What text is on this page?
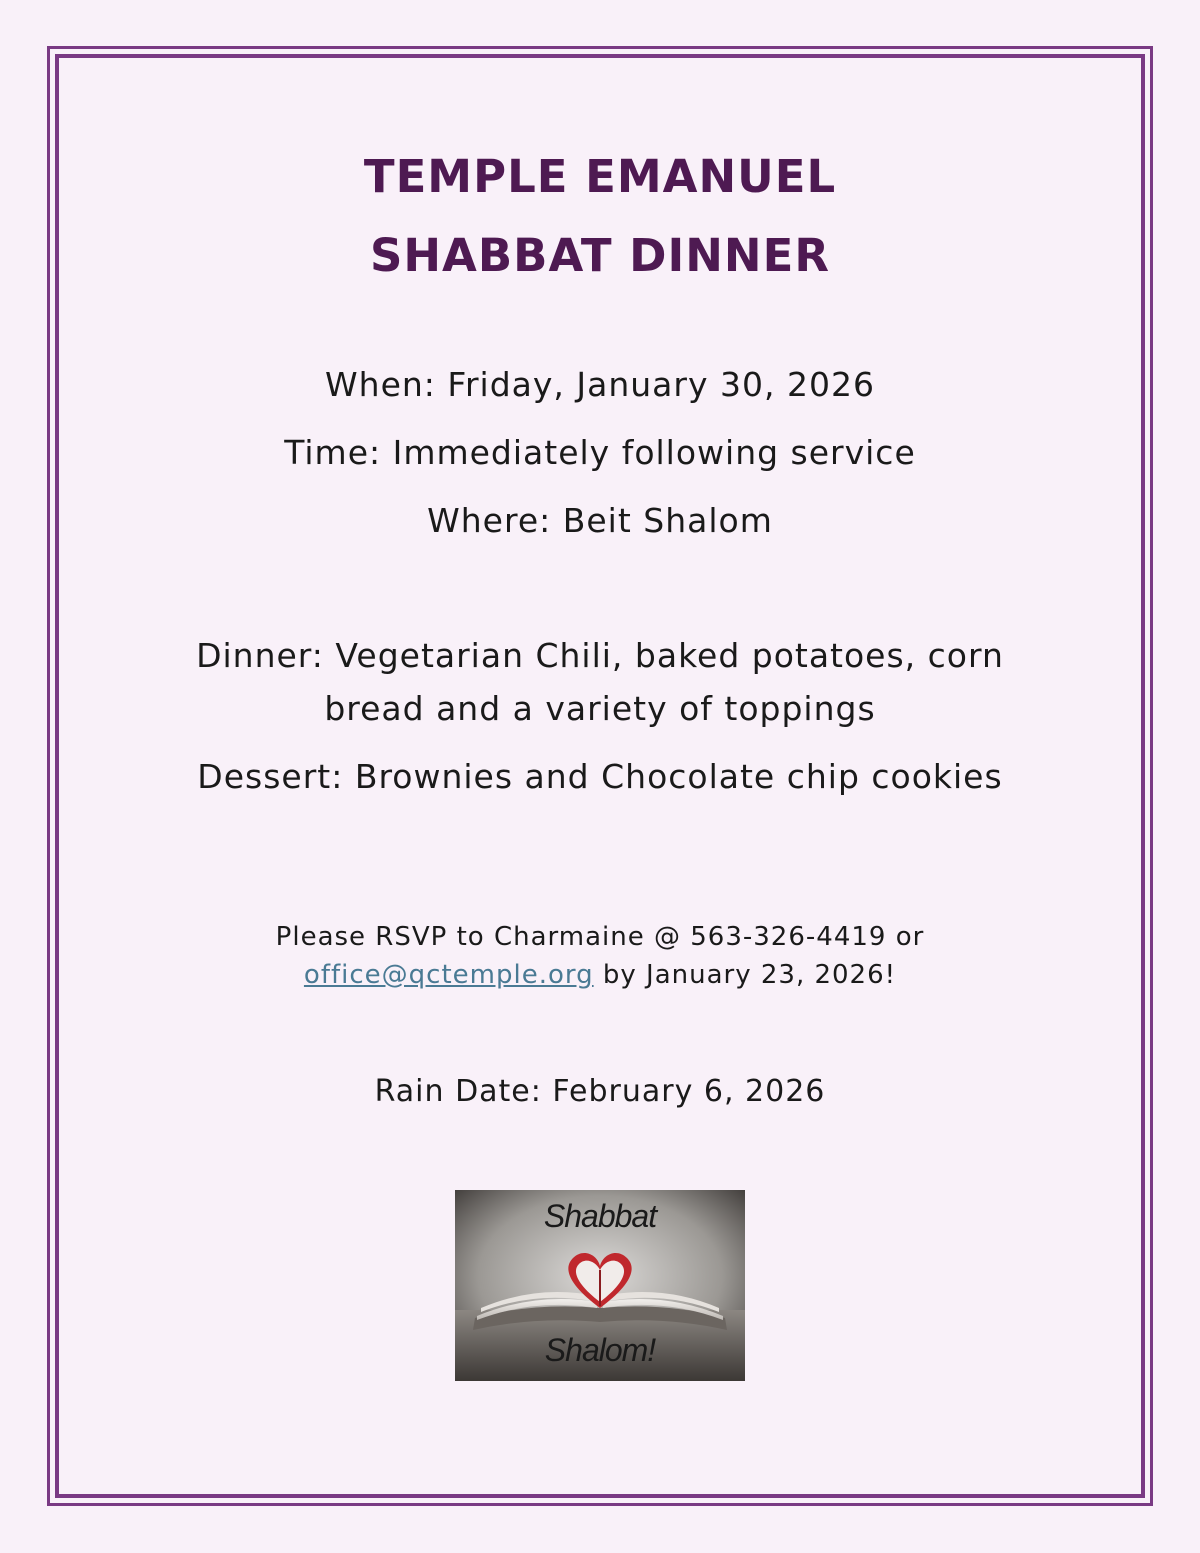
TEMPLE EMANUEL
SHABBAT DINNER
When: Friday, January 30, 2026
Time: Immediately following service
Where: Beit Shalom
Dinner: Vegetarian Chili, baked potatoes, corn
bread and a variety of toppings
Dessert: Brownies and Chocolate chip cookies
Please RSVP to Charmaine @ 563-326-4419 or
office@qctemple.org by January 23, 2026!
Rain Date: February 6, 2026
Shabbat
Shalom!
